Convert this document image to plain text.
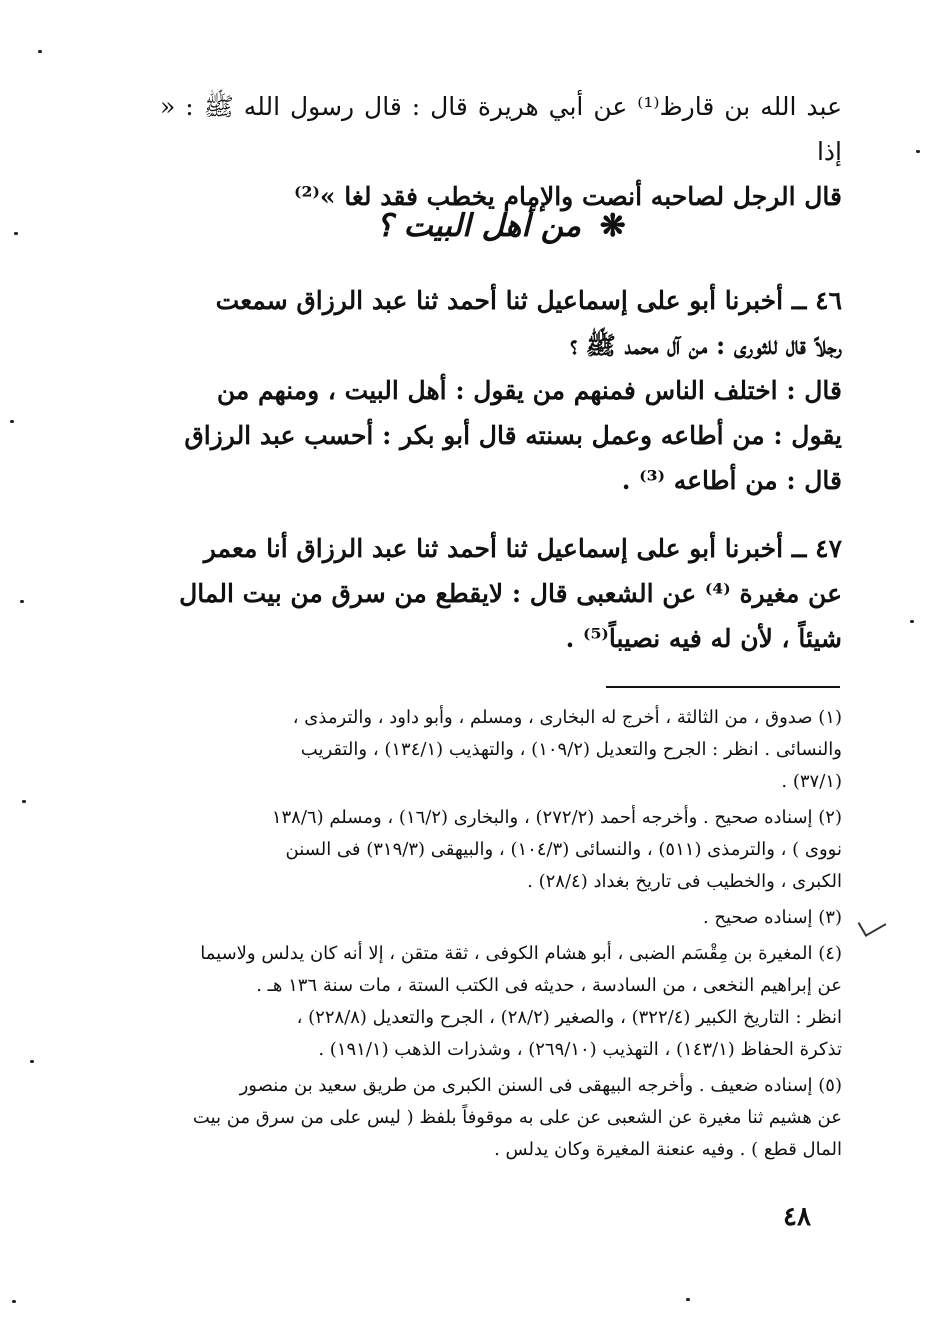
عبد الله بن قارظ⁽¹⁾ عن أبي هريرة قال : قال رسول الله ﷺ : « إذا
قال الرجل لصاحبه أنصت والإمام يخطب فقد لغا »⁽²⁾
❋ من أهل البيت ؟
٤٦ ــ أخبرنا أبو على إسماعيل ثنا أحمد ثنا عبد الرزاق سمعت
رجلاً قال للثورى : من آل محمد ﷺ ؟
قال : اختلف الناس فمنهم من يقول : أهل البيت ، ومنهم من
يقول : من أطاعه وعمل بسنته قال أبو بكر : أحسب عبد الرزاق
قال : من أطاعه ⁽³⁾ .
٤٧ ــ أخبرنا أبو على إسماعيل ثنا أحمد ثنا عبد الرزاق أنا معمر
عن مغيرة ⁽⁴⁾ عن الشعبى قال : لايقطع من سرق من بيت المال
شيئاً ، لأن له فيه نصيباً⁽⁵⁾ .
(١) صدوق ، من الثالثة ، أخرج له البخارى ، ومسلم ، وأبو داود ، والترمذى ،
والنسائى . انظر : الجرح والتعديل (١٠٩/٢) ، والتهذيب (١٣٤/١) ، والتقريب
(٣٧/١) .
(٢) إسناده صحيح . وأخرجه أحمد (٢٧٢/٢) ، والبخارى (١٦/٢) ، ومسلم (١٣٨/٦
نووى ) ، والترمذى (٥١١) ، والنسائى (١٠٤/٣) ، والبيهقى (٣١٩/٣) فى السنن
الكبرى ، والخطيب فى تاريخ بغداد (٢٨/٤) .
(٣) إسناده صحيح .
(٤) المغيرة بن مِقْسَم الضبى ، أبو هشام الكوفى ، ثقة متقن ، إلا أنه كان يدلس ولاسيما
عن إبراهيم النخعى ، من السادسة ، حديثه فى الكتب الستة ، مات سنة ١٣٦ هـ .
انظر : التاريخ الكبير (٣٢٢/٤) ، والصغير (٢٨/٢) ، الجرح والتعديل (٢٢٨/٨) ،
تذكرة الحفاظ (١٤٣/١) ، التهذيب (٢٦٩/١٠) ، وشذرات الذهب (١٩١/١) .
(٥) إسناده ضعيف . وأخرجه البيهقى فى السنن الكبرى من طريق سعيد بن منصور
عن هشيم ثنا مغيرة عن الشعبى عن على به موقوفاً بلفظ ( ليس على من سرق من بيت
المال قطع ) . وفيه عنعنة المغيرة وكان يدلس .
٤٨
